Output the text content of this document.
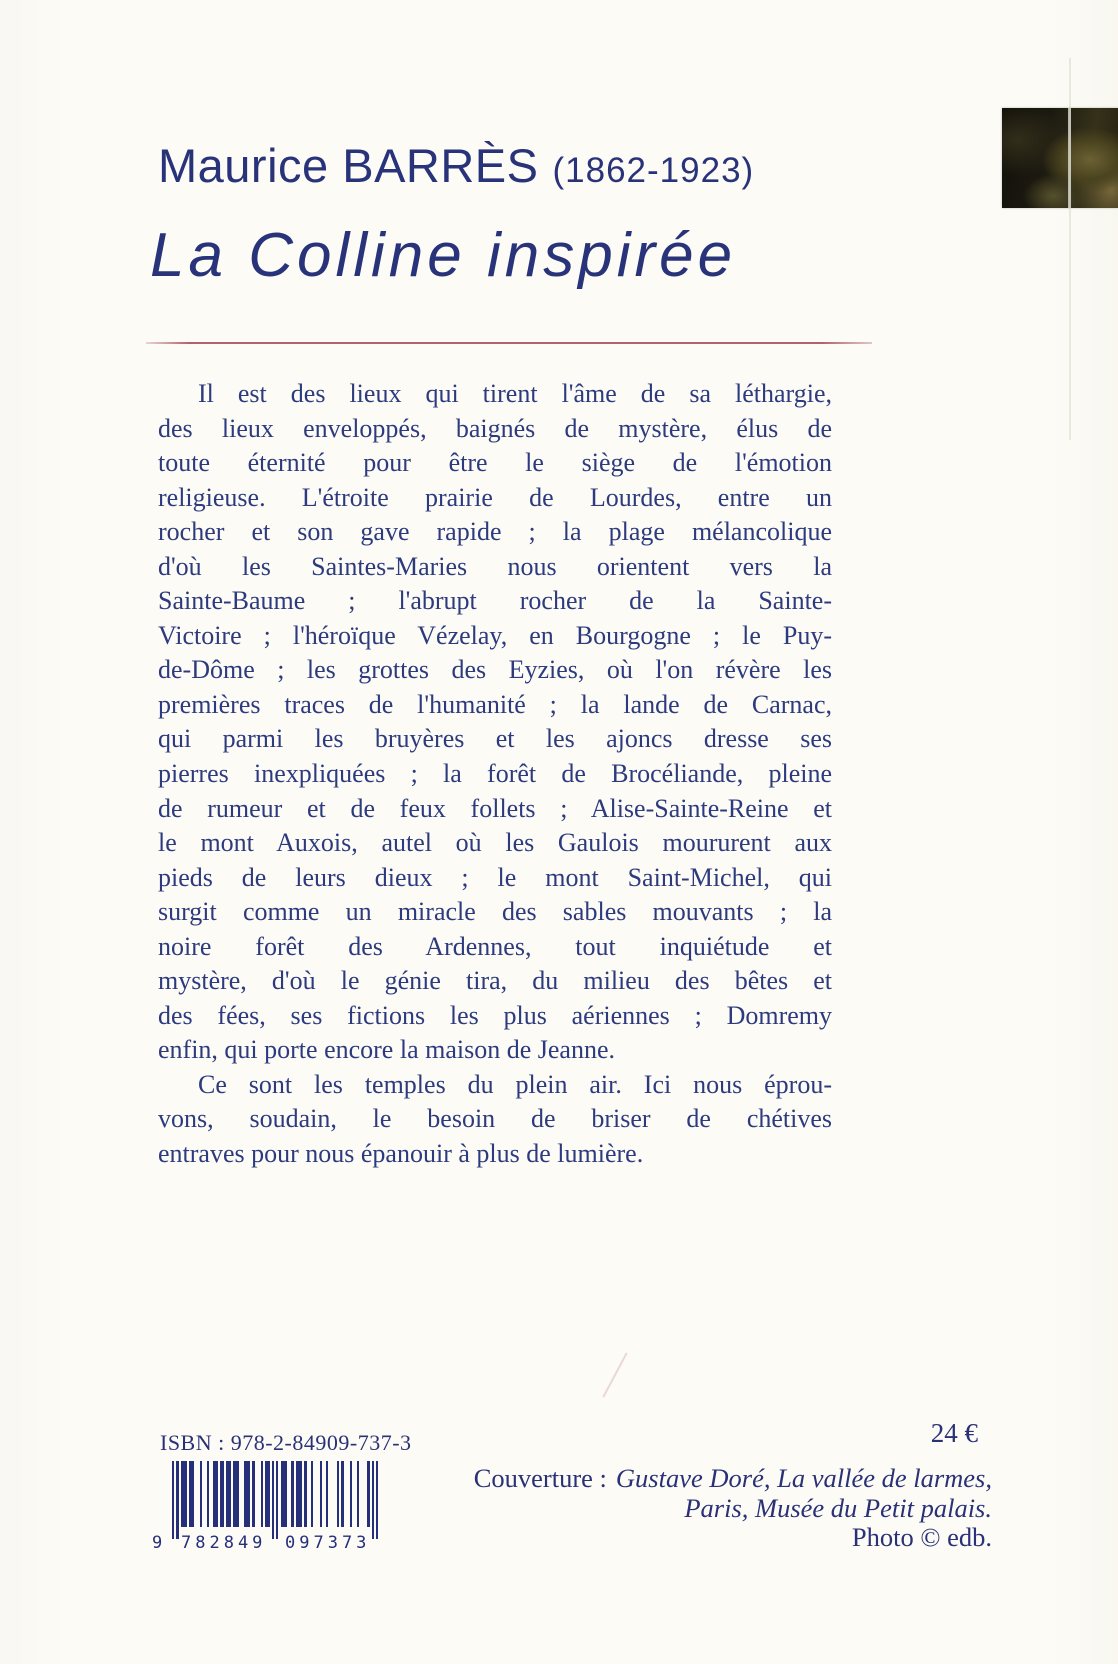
Maurice BARRÈS (1862-1923)
La Colline inspirée
Il est des lieux qui tirent l'âme de sa léthargie,
des lieux enveloppés, baignés de mystère, élus de
toute éternité pour être le siège de l'émotion
religieuse. L'étroite prairie de Lourdes, entre un
rocher et son gave rapide ; la plage mélancolique
d'où les Saintes-Maries nous orientent vers la
Sainte-Baume ; l'abrupt rocher de la Sainte-
Victoire ; l'héroïque Vézelay, en Bourgogne ; le Puy-
de-Dôme ; les grottes des Eyzies, où l'on révère les
premières traces de l'humanité ; la lande de Carnac,
qui parmi les bruyères et les ajoncs dresse ses
pierres inexpliquées ; la forêt de Brocéliande, pleine
de rumeur et de feux follets ; Alise-Sainte-Reine et
le mont Auxois, autel où les Gaulois moururent aux
pieds de leurs dieux ; le mont Saint-Michel, qui
surgit comme un miracle des sables mouvants ; la
noire forêt des Ardennes, tout inquiétude et
mystère, d'où le génie tira, du milieu des bêtes et
des fées, ses fictions les plus aériennes ; Domremy
enfin, qui porte encore la maison de Jeanne.
Ce sont les temples du plein air. Ici nous éprou-
vons, soudain, le besoin de briser de chétives
entraves pour nous épanouir à plus de lumière.
ISBN : 978-2-84909-737-3
9 782849 097373
24 €
Couverture : Gustave Doré, La vallée de larmes,
Paris, Musée du Petit palais.
Photo © edb.
